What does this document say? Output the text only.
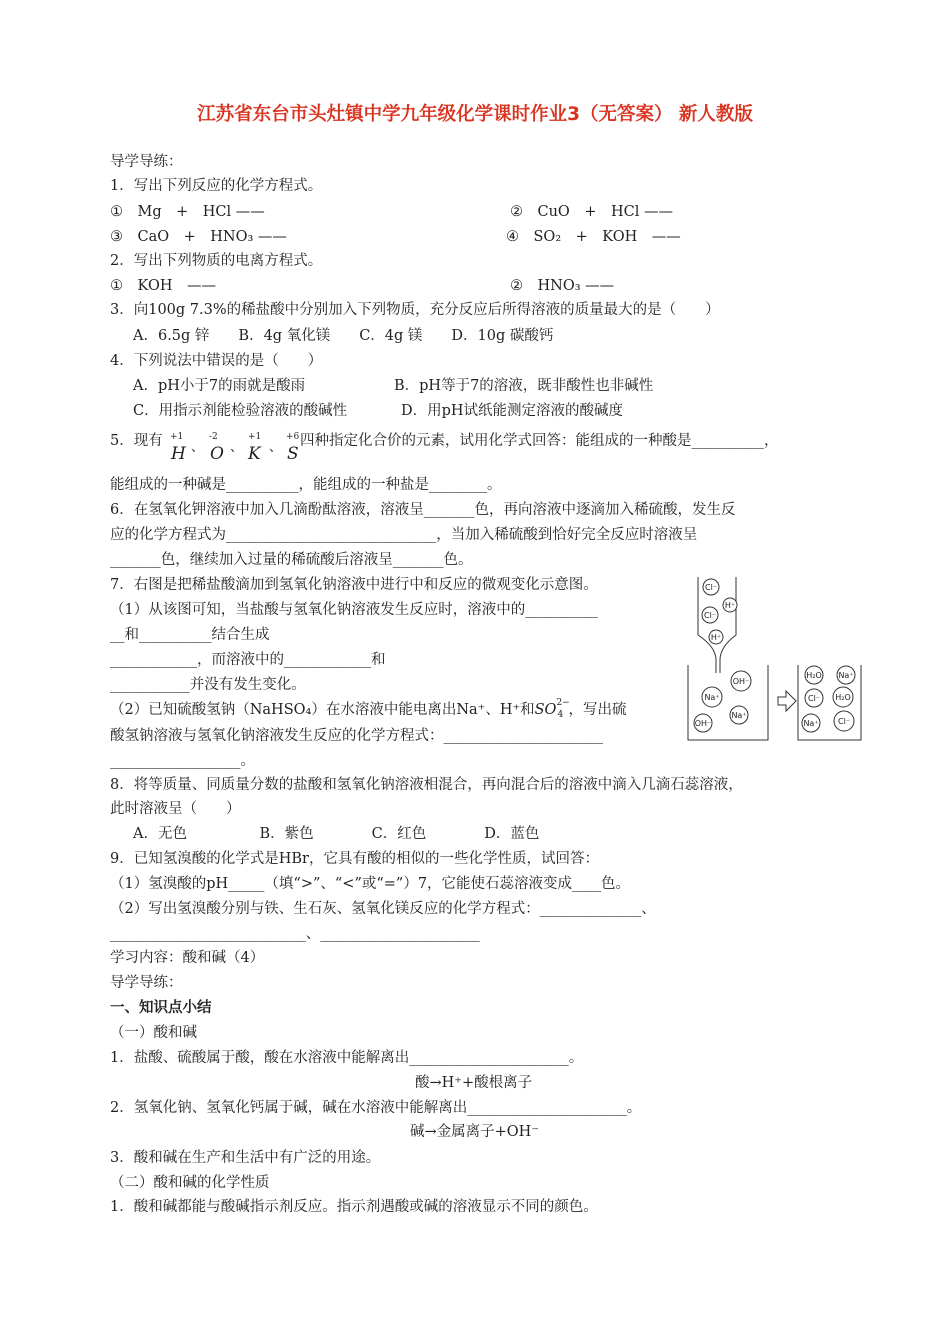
江苏省东台市头灶镇中学九年级化学课时作业3（无答案） 新人教版
导学导练：
1．写出下列反应的化学方程式。
①　Mg　+　HCl ——	②　CuO　+　HCl ——
③　CaO　+　HNO₃ ——	④　SO₂　+　KOH　——
2．写出下列物质的电离方程式。
①　KOH　——	②　HNO₃ ——
3．向100g 7.3%的稀盐酸中分别加入下列物质，充分反应后所得溶液的质量最大的是（　　）
A．6.5g 锌　　B．4g 氧化镁　　C．4g 镁　　D．10g 碳酸钙
4．下列说法中错误的是（　　）
A．pH小于7的雨就是酸雨	B．pH等于7的溶液，既非酸性也非碱性
C．用指示剂能检验溶液的酸碱性	D．用pH试纸能测定溶液的酸碱度
5．现有 +1
、
-2
、
+1
、
+6
H O K S
四种指定化合价的元素，试用化学式回答：能组成的一种酸是__________，
能组成的一种碱是__________，能组成的一种盐是________。
6．在氢氧化钾溶液中加入几滴酚酞溶液，溶液呈_______色，再向溶液中逐滴加入稀硫酸，发生反
应的化学方程式为_____________________________，当加入稀硫酸到恰好完全反应时溶液呈
_______色，继续加入过量的稀硫酸后溶液呈_______色。
7．右图是把稀盐酸滴加到氢氧化钠溶液中进行中和反应的微观变化示意图。
（1）从该图可知，当盐酸与氢氧化钠溶液发生反应时，溶液中的__________
__和__________结合生成
____________，而溶液中的____________和
___________并没有发生变化。
（2）已知硫酸氢钠（NaHSO₄）在水溶液中能电离出Na⁺、H⁺和SO 2−
4 ，写出硫
酸氢钠溶液与氢氧化钠溶液发生反应的化学方程式：______________________
__________________。
Cl⁻
H⁺
Cl⁻
H⁺
OH⁻
Na⁺
Na⁺
OH⁻
H₂O Na⁺
Cl⁻ H₂O
Na⁺ Cl⁻
8．将等质量、同质量分数的盐酸和氢氧化钠溶液相混合，再向混合后的溶液中滴入几滴石蕊溶液，
此时溶液呈（　　）
A．无色　　　　　B．紫色　　　　C．红色　　　　D．蓝色
9．已知氢溴酸的化学式是HBr，它具有酸的相似的一些化学性质，试回答：
（1）氢溴酸的pH_____（填“>”、“<”或“=”）7，它能使石蕊溶液变成____色。
（2）写出氢溴酸分别与铁、生石灰、氢氧化镁反应的化学方程式：______________、
___________________________、______________________
学习内容：酸和碱（4）
导学导练：
一、知识点小结
（一）酸和碱
1．盐酸、硫酸属于酸，酸在水溶液中能解离出______________________。
酸→H⁺+酸根离子
2．氢氧化钠、氢氧化钙属于碱，碱在水溶液中能解离出______________________。
碱→金属离子+OH⁻
3．酸和碱在生产和生活中有广泛的用途。
（二）酸和碱的化学性质
1．酸和碱都能与酸碱指示剂反应。指示剂遇酸或碱的溶液显示不同的颜色。
